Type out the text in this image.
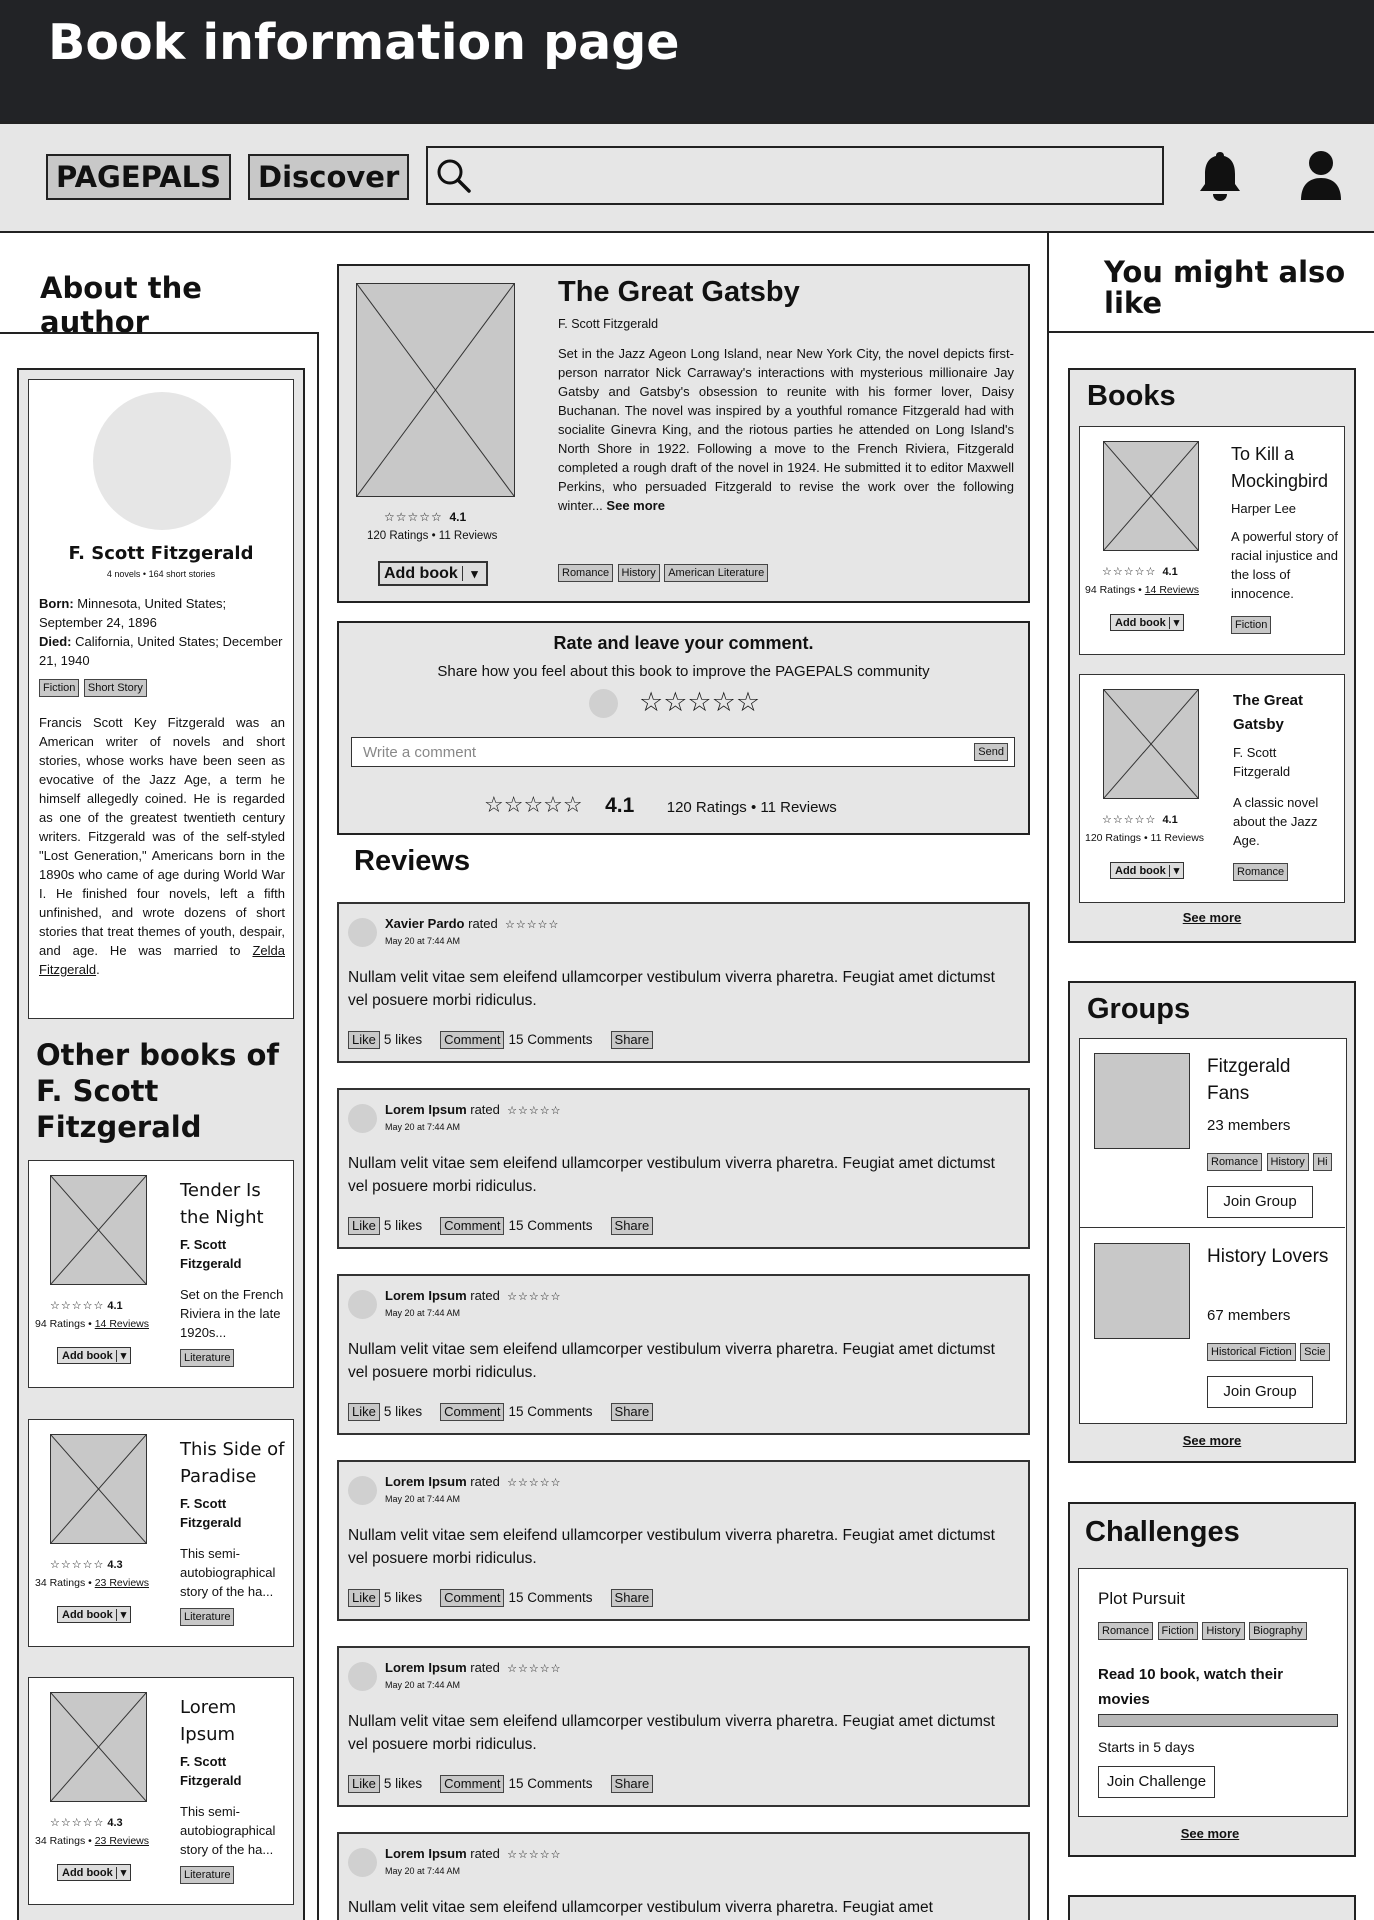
Book information page
PAGEPALS	Discover
About the author
F. Scott Fitzgerald
4 novels • 164 short stories
Born: Minnesota, United States; September 24, 1896
Died: California, United States; December 21, 1940
Fiction Short Story
Francis Scott Key Fitzgerald was an American writer of novels and short stories, whose works have been seen as evocative of the Jazz Age, a term he himself allegedly coined. He is regarded as one of the greatest twentieth century writers. Fitzgerald was of the self-styled "Lost Generation," Americans born in the 1890s who came of age during World War I. He finished four novels, left a fifth unfinished, and wrote dozens of short stories that treat themes of youth, despair, and age. He was married to Zelda Fitzgerald.
Other books of F. Scott Fitzgerald
☆☆☆☆☆ 4.1
94 Ratings • 14 Reviews
Add book ▾
Tender Is the Night
F. Scott Fitzgerald
Set on the French Riviera in the late 1920s...
Literature
☆☆☆☆☆ 4.3
34 Ratings • 23 Reviews
Add book ▾
This Side of Paradise
F. Scott Fitzgerald
This semi-autobiographical story of the ha...
Literature
☆☆☆☆☆ 4.3
34 Ratings • 23 Reviews
Add book ▾
Lorem Ipsum
F. Scott Fitzgerald
This semi-autobiographical story of the ha...
Literature
☆☆☆☆☆ 4.1
120 Ratings • 11 Reviews
Add book ▾
The Great Gatsby
F. Scott Fitzgerald
Set in the Jazz Ageon Long Island, near New York City, the novel depicts first-person narrator Nick Carraway's interactions with mysterious millionaire Jay Gatsby and Gatsby's obsession to reunite with his former lover, Daisy Buchanan. The novel was inspired by a youthful romance Fitzgerald had with socialite Ginevra King, and the riotous parties he attended on Long Island's North Shore in 1922. Following a move to the French Riviera, Fitzgerald completed a rough draft of the novel in 1924. He submitted it to editor Maxwell Perkins, who persuaded Fitzgerald to revise the work over the following winter... See more
Romance History American Literature
Rate and leave your comment.
Share how you feel about this book to improve the PAGEPALS community
☆☆☆☆☆
Write a comment	Send
☆☆☆☆☆ 4.1 120 Ratings • 11 Reviews
Reviews
Xavier Pardo rated ☆☆☆☆☆
May 20 at 7:44 AM
Nullam velit vitae sem eleifend ullamcorper vestibulum viverra pharetra. Feugiat amet dictumst vel posuere morbi ridiculus.
Like 5 likes Comment 15 Comments Share
Lorem Ipsum rated ☆☆☆☆☆
May 20 at 7:44 AM
Nullam velit vitae sem eleifend ullamcorper vestibulum viverra pharetra. Feugiat amet dictumst vel posuere morbi ridiculus.
Like 5 likes Comment 15 Comments Share
Lorem Ipsum rated ☆☆☆☆☆
May 20 at 7:44 AM
Nullam velit vitae sem eleifend ullamcorper vestibulum viverra pharetra. Feugiat amet dictumst vel posuere morbi ridiculus.
Like 5 likes Comment 15 Comments Share
Lorem Ipsum rated ☆☆☆☆☆
May 20 at 7:44 AM
Nullam velit vitae sem eleifend ullamcorper vestibulum viverra pharetra. Feugiat amet dictumst vel posuere morbi ridiculus.
Like 5 likes Comment 15 Comments Share
Lorem Ipsum rated ☆☆☆☆☆
May 20 at 7:44 AM
Nullam velit vitae sem eleifend ullamcorper vestibulum viverra pharetra. Feugiat amet dictumst vel posuere morbi ridiculus.
Like 5 likes Comment 15 Comments Share
Lorem Ipsum rated ☆☆☆☆☆
May 20 at 7:44 AM
Nullam velit vitae sem eleifend ullamcorper vestibulum viverra pharetra. Feugiat amet
You might also like
Books
☆☆☆☆☆ 4.1
94 Ratings • 14 Reviews
Add book ▾
To Kill a Mockingbird
Harper Lee
A powerful story of racial injustice and the loss of innocence.
Fiction
☆☆☆☆☆ 4.1
120 Ratings • 11 Reviews
Add book ▾
The Great Gatsby
F. Scott Fitzgerald
A classic novel about the Jazz Age.
Romance
See more
Groups
Fitzgerald Fans
23 members
Romance History Hi
Join Group
History Lovers
67 members
Historical Fiction Scie
Join Group
See more
Challenges
Plot Pursuit
Romance Fiction History Biography
Read 10 book, watch their movies
Starts in 5 days
Join Challenge
See more
